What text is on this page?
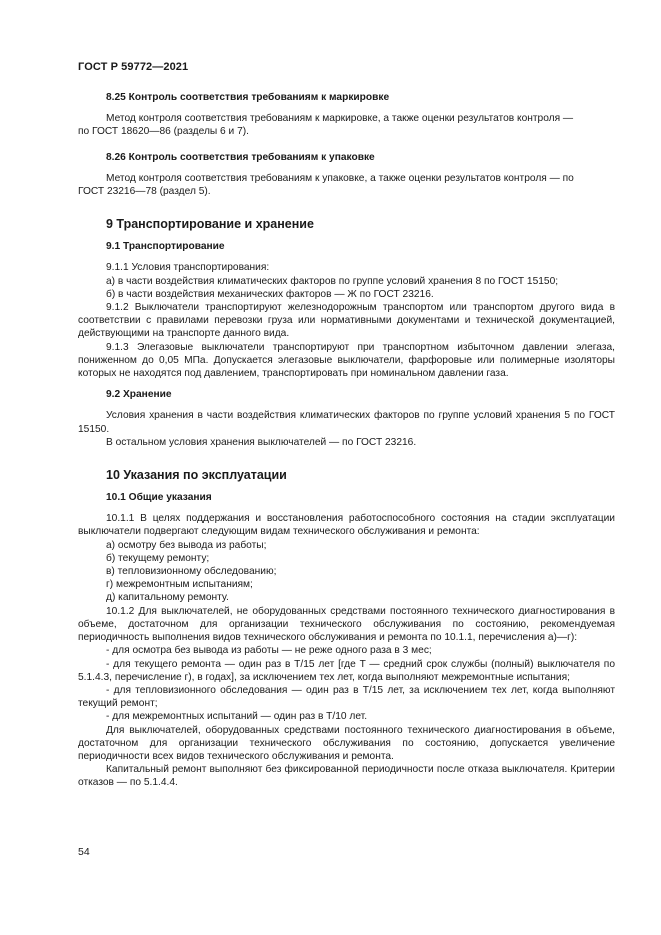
ГОСТ Р 59772—2021

8.25 Контроль соответствия требованиям к маркировке

Метод контроля соответствия требованиям к маркировке, а также оценки результатов контроля —

по ГОСТ 18620—86 (разделы 6 и 7).

8.26 Контроль соответствия требованиям к упаковке

Метод контроля соответствия требованиям к упаковке, а также оценки результатов контроля — по

ГОСТ 23216—78 (раздел 5).

9 Транспортирование и хранение

9.1 Транспортирование

9.1.1 Условия транспортирования:

а) в части воздействия климатических факторов по группе условий хранения 8 по ГОСТ 15150;

б) в части воздействия механических факторов — Ж по ГОСТ 23216.

9.1.2 Выключатели транспортируют железнодорожным транспортом или транспортом другого вида в соответствии с правилами перевозки груза или нормативными документами и технической документацией, действующими на транспорте данного вида.

9.1.3 Элегазовые выключатели транспортируют при транспортном избыточном давлении элегаза, пониженном до 0,05 МПа. Допускается элегазовые выключатели, фарфоровые или полимерные изоляторы которых не находятся под давлением, транспортировать при номинальном давлении газа.

9.2 Хранение

Условия хранения в части воздействия климатических факторов по группе условий хранения 5 по ГОСТ 15150.

В остальном условия хранения выключателей — по ГОСТ 23216.

10 Указания по эксплуатации

10.1 Общие указания

10.1.1 В целях поддержания и восстановления работоспособного состояния на стадии эксплуатации выключатели подвергают следующим видам технического обслуживания и ремонта:

а) осмотру без вывода из работы;

б) текущему ремонту;

в) тепловизионному обследованию;

г) межремонтным испытаниям;

д) капитальному ремонту.

10.1.2 Для выключателей, не оборудованных средствами постоянного технического диагностирования в объеме, достаточном для организации технического обслуживания по состоянию, рекомендуемая периодичность выполнения видов технического обслуживания и ремонта по 10.1.1, перечисления а)—г):

- для осмотра без вывода из работы — не реже одного раза в 3 мес;

- для текущего ремонта — один раз в T/15 лет [где T — средний срок службы (полный) выключателя по 5.1.4.3, перечисление г), в годах], за исключением тех лет, когда выполняют межремонтные испытания;

- для тепловизионного обследования — один раз в T/15 лет, за исключением тех лет, когда выполняют текущий ремонт;

- для межремонтных испытаний — один раз в T/10 лет.

Для выключателей, оборудованных средствами постоянного технического диагностирования в объеме, достаточном для организации технического обслуживания по состоянию, допускается увеличение периодичности всех видов технического обслуживания и ремонта.

Капитальный ремонт выполняют без фиксированной периодичности после отказа выключателя. Критерии отказов — по 5.1.4.4.

54
